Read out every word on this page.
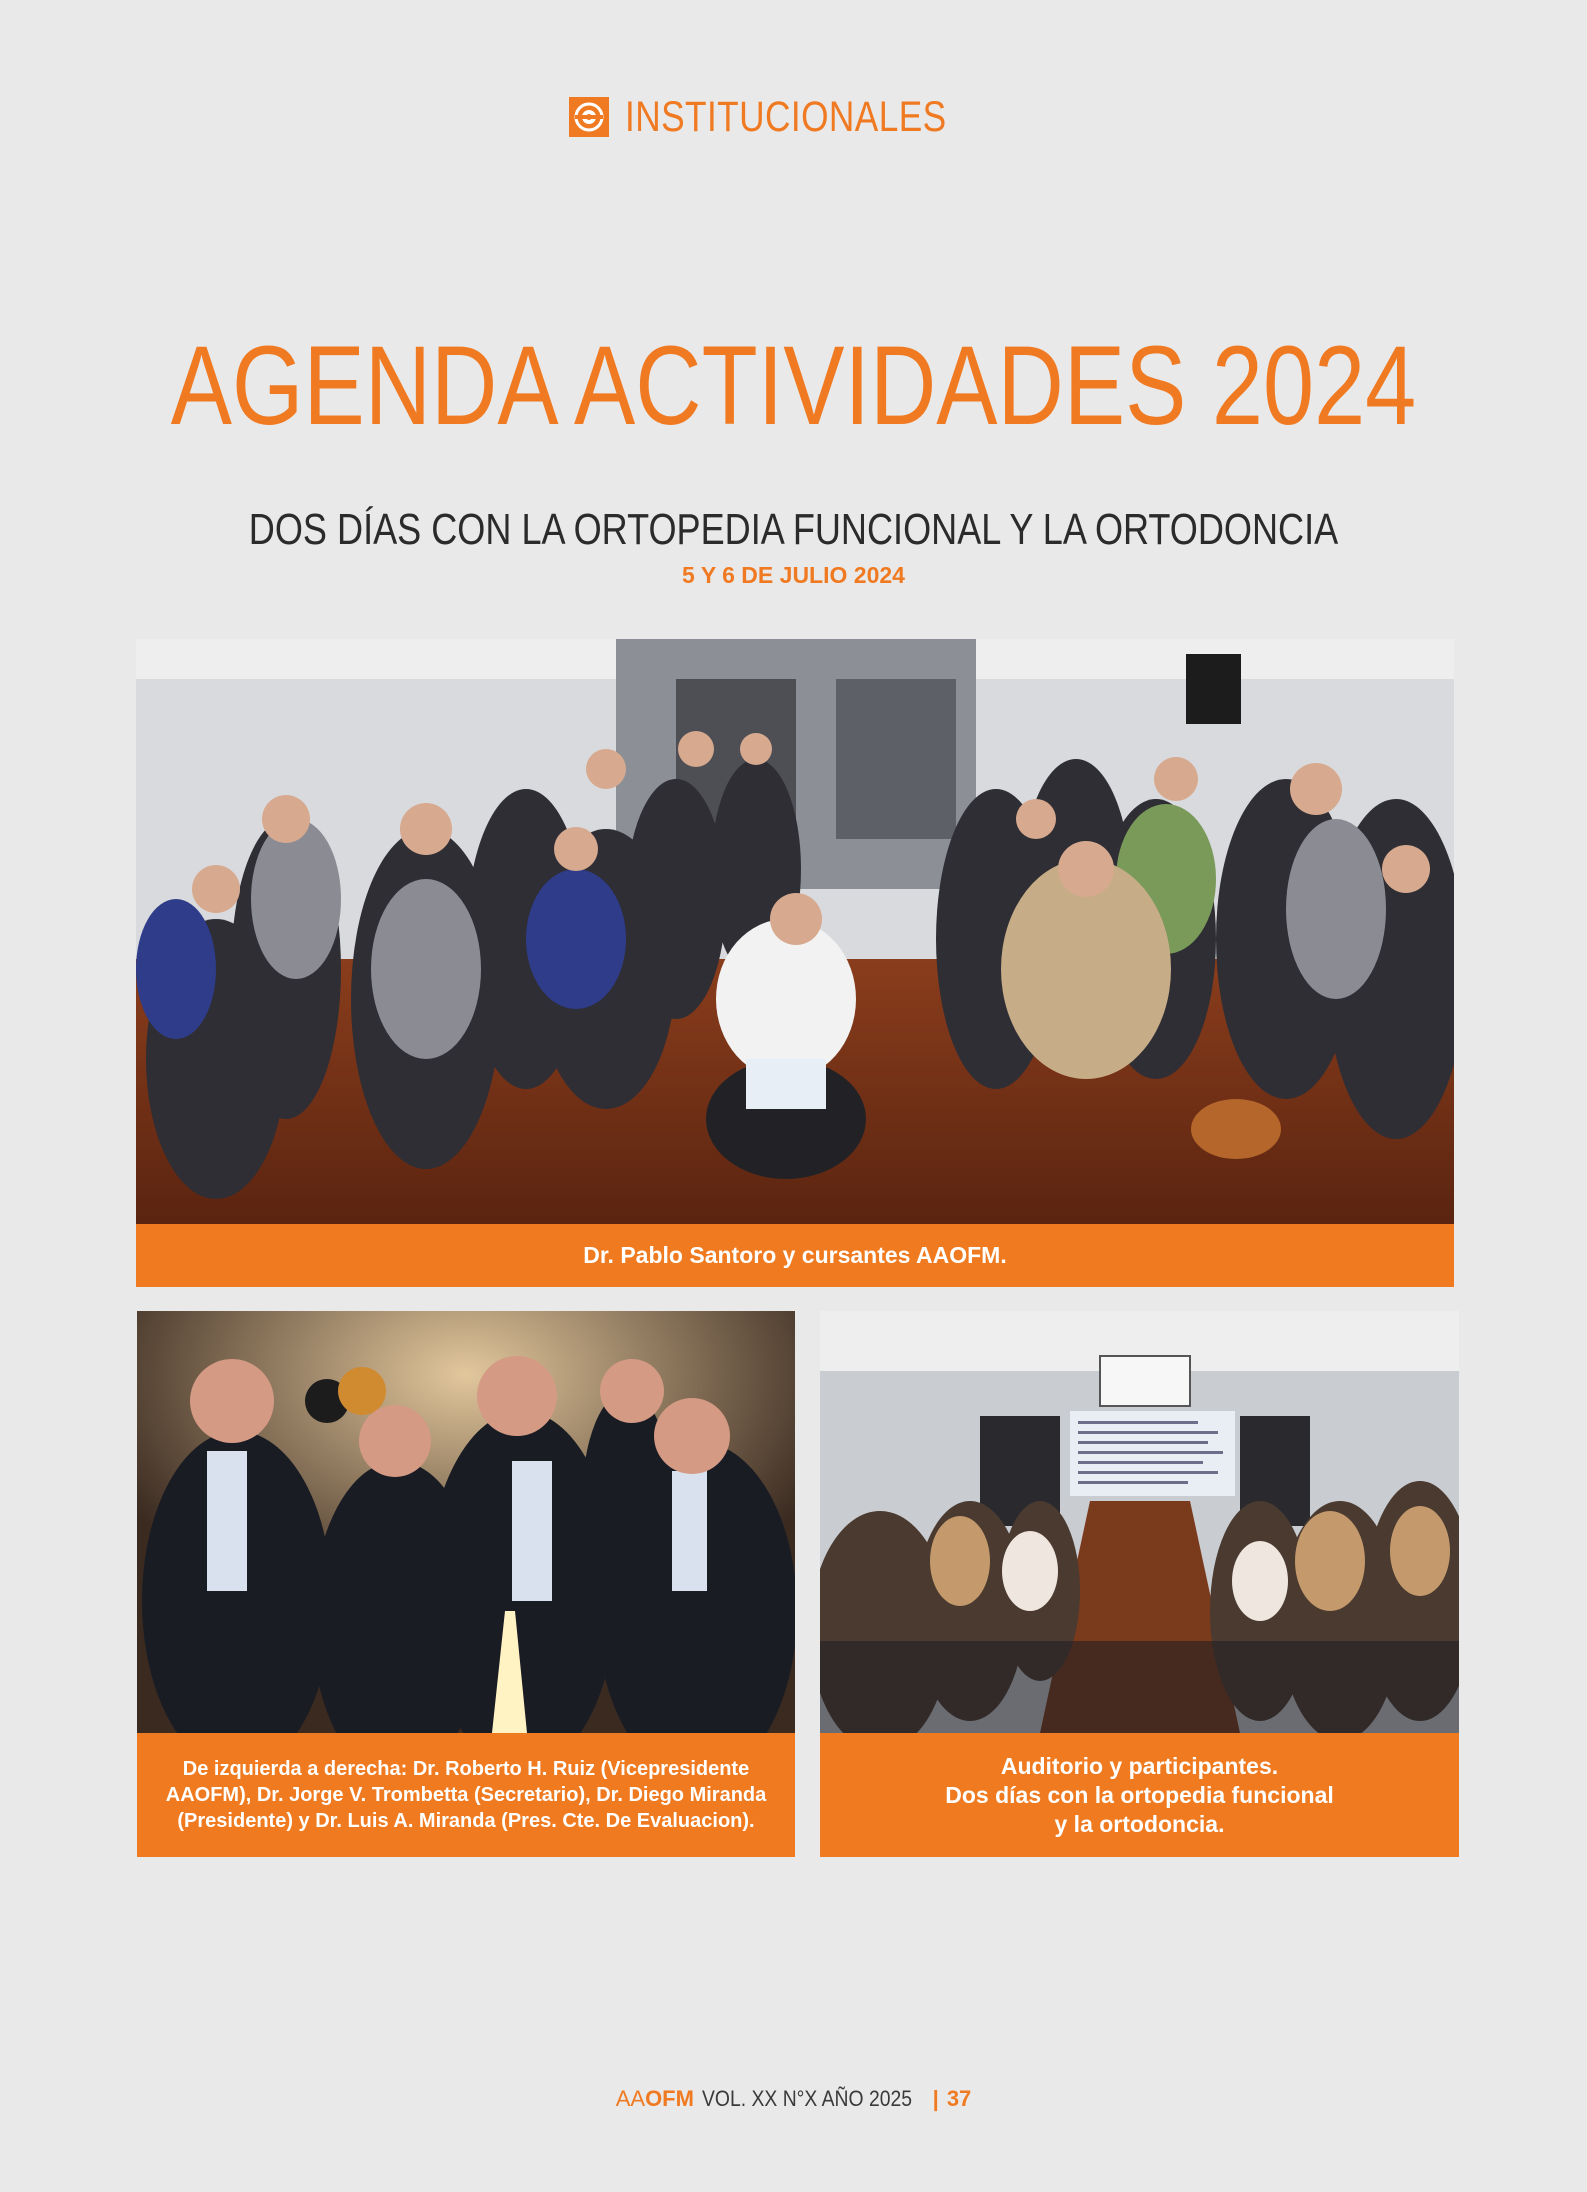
INSTITUCIONALES
AGENDA ACTIVIDADES 2024
DOS DÍAS CON LA ORTOPEDIA FUNCIONAL Y LA ORTODONCIA
5 Y 6 DE JULIO 2024
Dr. Pablo Santoro y cursantes AAOFM.
De izquierda a derecha: Dr. Roberto H. Ruiz (Vicepresidente
AAOFM), Dr. Jorge V. Trombetta (Secretario), Dr. Diego Miranda
(Presidente) y Dr. Luis A. Miranda (Pres. Cte. De Evaluacion).
Auditorio y participantes.
Dos días con la ortopedia funcional
y la ortodoncia.
AA OFM VOL. XX N°X AÑO 2025 | 37
